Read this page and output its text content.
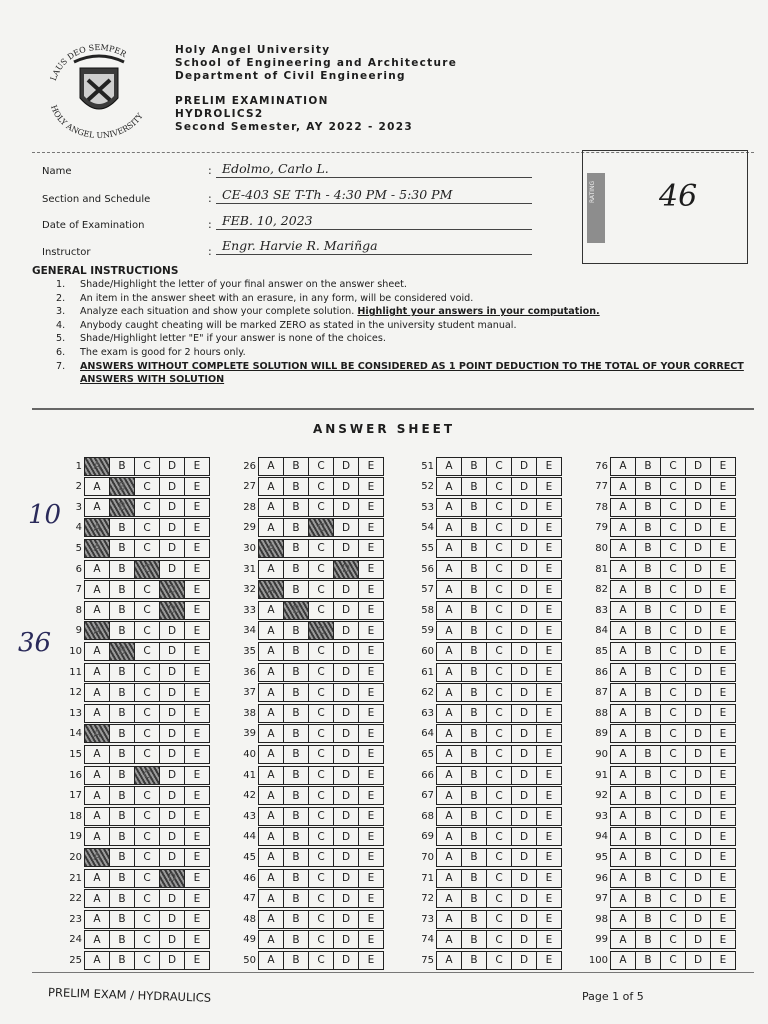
LAUS DEO SEMPER
HOLY ANGEL UNIVERSITY
Holy Angel University
School of Engineering and Architecture
Department of Civil Engineering
PRELIM EXAMINATION
HYDROLICS2
Second Semester, AY 2022 - 2023
Name	: Edolmo, Carlo L.
Section and Schedule	: CE-403 SE T-Th - 4:30 PM - 5:30 PM
Date of Examination	: FEB. 10, 2023
Instructor	: Engr. Harvie R. Mariñga
RATING 46
GENERAL INSTRUCTIONS
1.	Shade/Highlight the letter of your final answer on the answer sheet.
2.	An item in the answer sheet with an erasure, in any form, will be considered void.
3.	Analyze each situation and show your complete solution. Highlight your answers in your computation.
4.	Anybody caught cheating will be marked ZERO as stated in the university student manual.
5.	Shade/Highlight letter "E" if your answer is none of the choices.
6.	The exam is good for 2 hours only.
7.	ANSWERS WITHOUT COMPLETE SOLUTION WILL BE CONSIDERED AS 1 POINT DEDUCTION TO THE TOTAL OF YOUR CORRECT ANSWERS WITH SOLUTION
ANSWER SHEET
1	A	B	C	D	E
2	A	B	C	D	E
3	A	B	C	D	E
4	A	B	C	D	E
5	A	B	C	D	E
6	A	B	C	D	E
7	A	B	C	D	E
8	A	B	C	D	E
9	A	B	C	D	E
10	A	B	C	D	E
11	A	B	C	D	E
12	A	B	C	D	E
13	A	B	C	D	E
14	A	B	C	D	E
15	A	B	C	D	E
16	A	B	C	D	E
17	A	B	C	D	E
18	A	B	C	D	E
19	A	B	C	D	E
20	A	B	C	D	E
21	A	B	C	D	E
22	A	B	C	D	E
23	A	B	C	D	E
24	A	B	C	D	E
25	A	B	C	D	E
26	A	B	C	D	E
27	A	B	C	D	E
28	A	B	C	D	E
29	A	B	C	D	E
30	A	B	C	D	E
31	A	B	C	D	E
32	A	B	C	D	E
33	A	B	C	D	E
34	A	B	C	D	E
35	A	B	C	D	E
36	A	B	C	D	E
37	A	B	C	D	E
38	A	B	C	D	E
39	A	B	C	D	E
40	A	B	C	D	E
41	A	B	C	D	E
42	A	B	C	D	E
43	A	B	C	D	E
44	A	B	C	D	E
45	A	B	C	D	E
46	A	B	C	D	E
47	A	B	C	D	E
48	A	B	C	D	E
49	A	B	C	D	E
50	A	B	C	D	E
51	A	B	C	D	E
52	A	B	C	D	E
53	A	B	C	D	E
54	A	B	C	D	E
55	A	B	C	D	E
56	A	B	C	D	E
57	A	B	C	D	E
58	A	B	C	D	E
59	A	B	C	D	E
60	A	B	C	D	E
61	A	B	C	D	E
62	A	B	C	D	E
63	A	B	C	D	E
64	A	B	C	D	E
65	A	B	C	D	E
66	A	B	C	D	E
67	A	B	C	D	E
68	A	B	C	D	E
69	A	B	C	D	E
70	A	B	C	D	E
71	A	B	C	D	E
72	A	B	C	D	E
73	A	B	C	D	E
74	A	B	C	D	E
75	A	B	C	D	E
76	A	B	C	D	E
77	A	B	C	D	E
78	A	B	C	D	E
79	A	B	C	D	E
80	A	B	C	D	E
81	A	B	C	D	E
82	A	B	C	D	E
83	A	B	C	D	E
84	A	B	C	D	E
85	A	B	C	D	E
86	A	B	C	D	E
87	A	B	C	D	E
88	A	B	C	D	E
89	A	B	C	D	E
90	A	B	C	D	E
91	A	B	C	D	E
92	A	B	C	D	E
93	A	B	C	D	E
94	A	B	C	D	E
95	A	B	C	D	E
96	A	B	C	D	E
97	A	B	C	D	E
98	A	B	C	D	E
99	A	B	C	D	E
100	A	B	C	D	E
10
36
PRELIM EXAM / HYDRAULICS	Page 1 of 5
